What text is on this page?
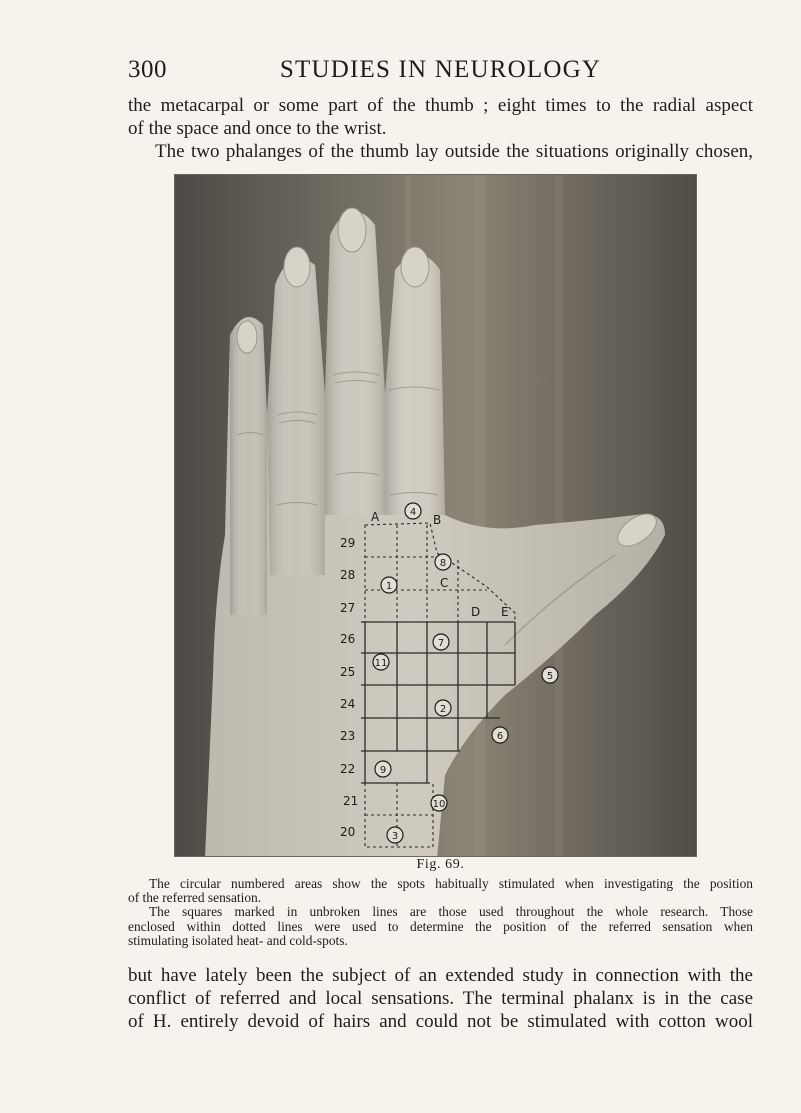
300	STUDIES IN NEUROLOGY

the metacarpal or some part of the thumb ; eight times to the radial aspect
of the space and once to the wrist.
The two phalanges of the thumb lay outside the situations originally chosen,

29
28
27
26
25
24
23
22
21
20
A	B
C
D E
1
2
3
4
5
6
7
8
9
10
11
Fig. 69.

The circular numbered areas show the spots habitually stimulated when investigating the position
of the referred sensation.
The squares marked in unbroken lines are those used throughout the whole research. Those
enclosed within dotted lines were used to determine the position of the referred sensation when
stimulating isolated heat- and cold-spots.

but have lately been the subject of an extended study in connection with the
conflict of referred and local sensations. The terminal phalanx is in the case
of H. entirely devoid of hairs and could not be stimulated with cotton wool
